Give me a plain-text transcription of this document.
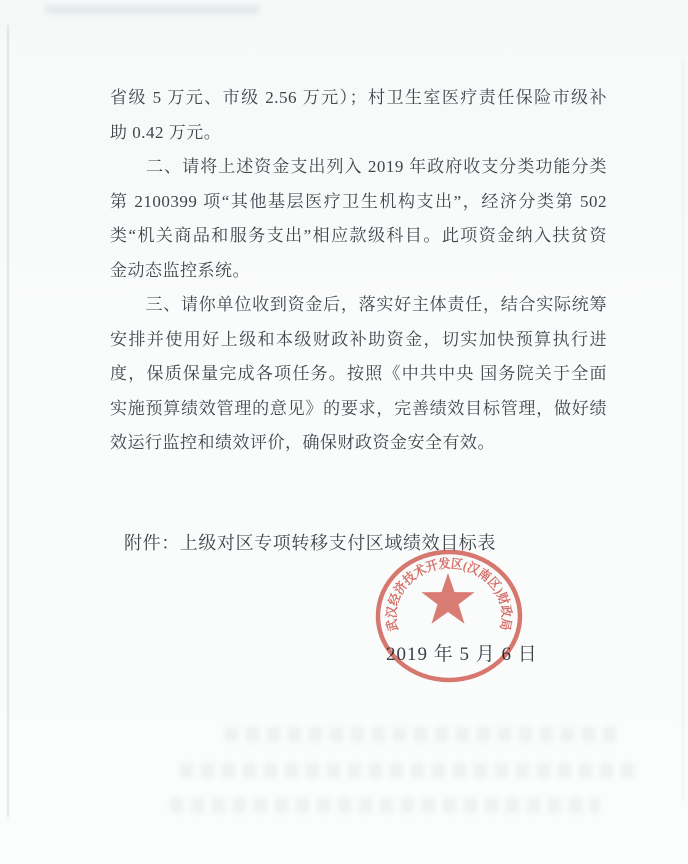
省级 5 万元、市级 2.56 万元）；村卫生室医疗责任保险市级补
助 0.42 万元。
　　二、请将上述资金支出列入 2019 年政府收支分类功能分类
第 2100399 项“其他基层医疗卫生机构支出”，经济分类第 502
类“机关商品和服务支出”相应款级科目。此项资金纳入扶贫资
金动态监控系统。
　　三、请你单位收到资金后，落实好主体责任，结合实际统筹
安排并使用好上级和本级财政补助资金，切实加快预算执行进
度，保质保量完成各项任务。按照《中共中央 国务院关于全面
实施预算绩效管理的意见》的要求，完善绩效目标管理，做好绩
效运行监控和绩效评价，确保财政资金安全有效。
附件：上级对区专项转移支付区域绩效目标表
2019 年 5 月 6 日
武汉经济技术开发区(汉南区)财政局
